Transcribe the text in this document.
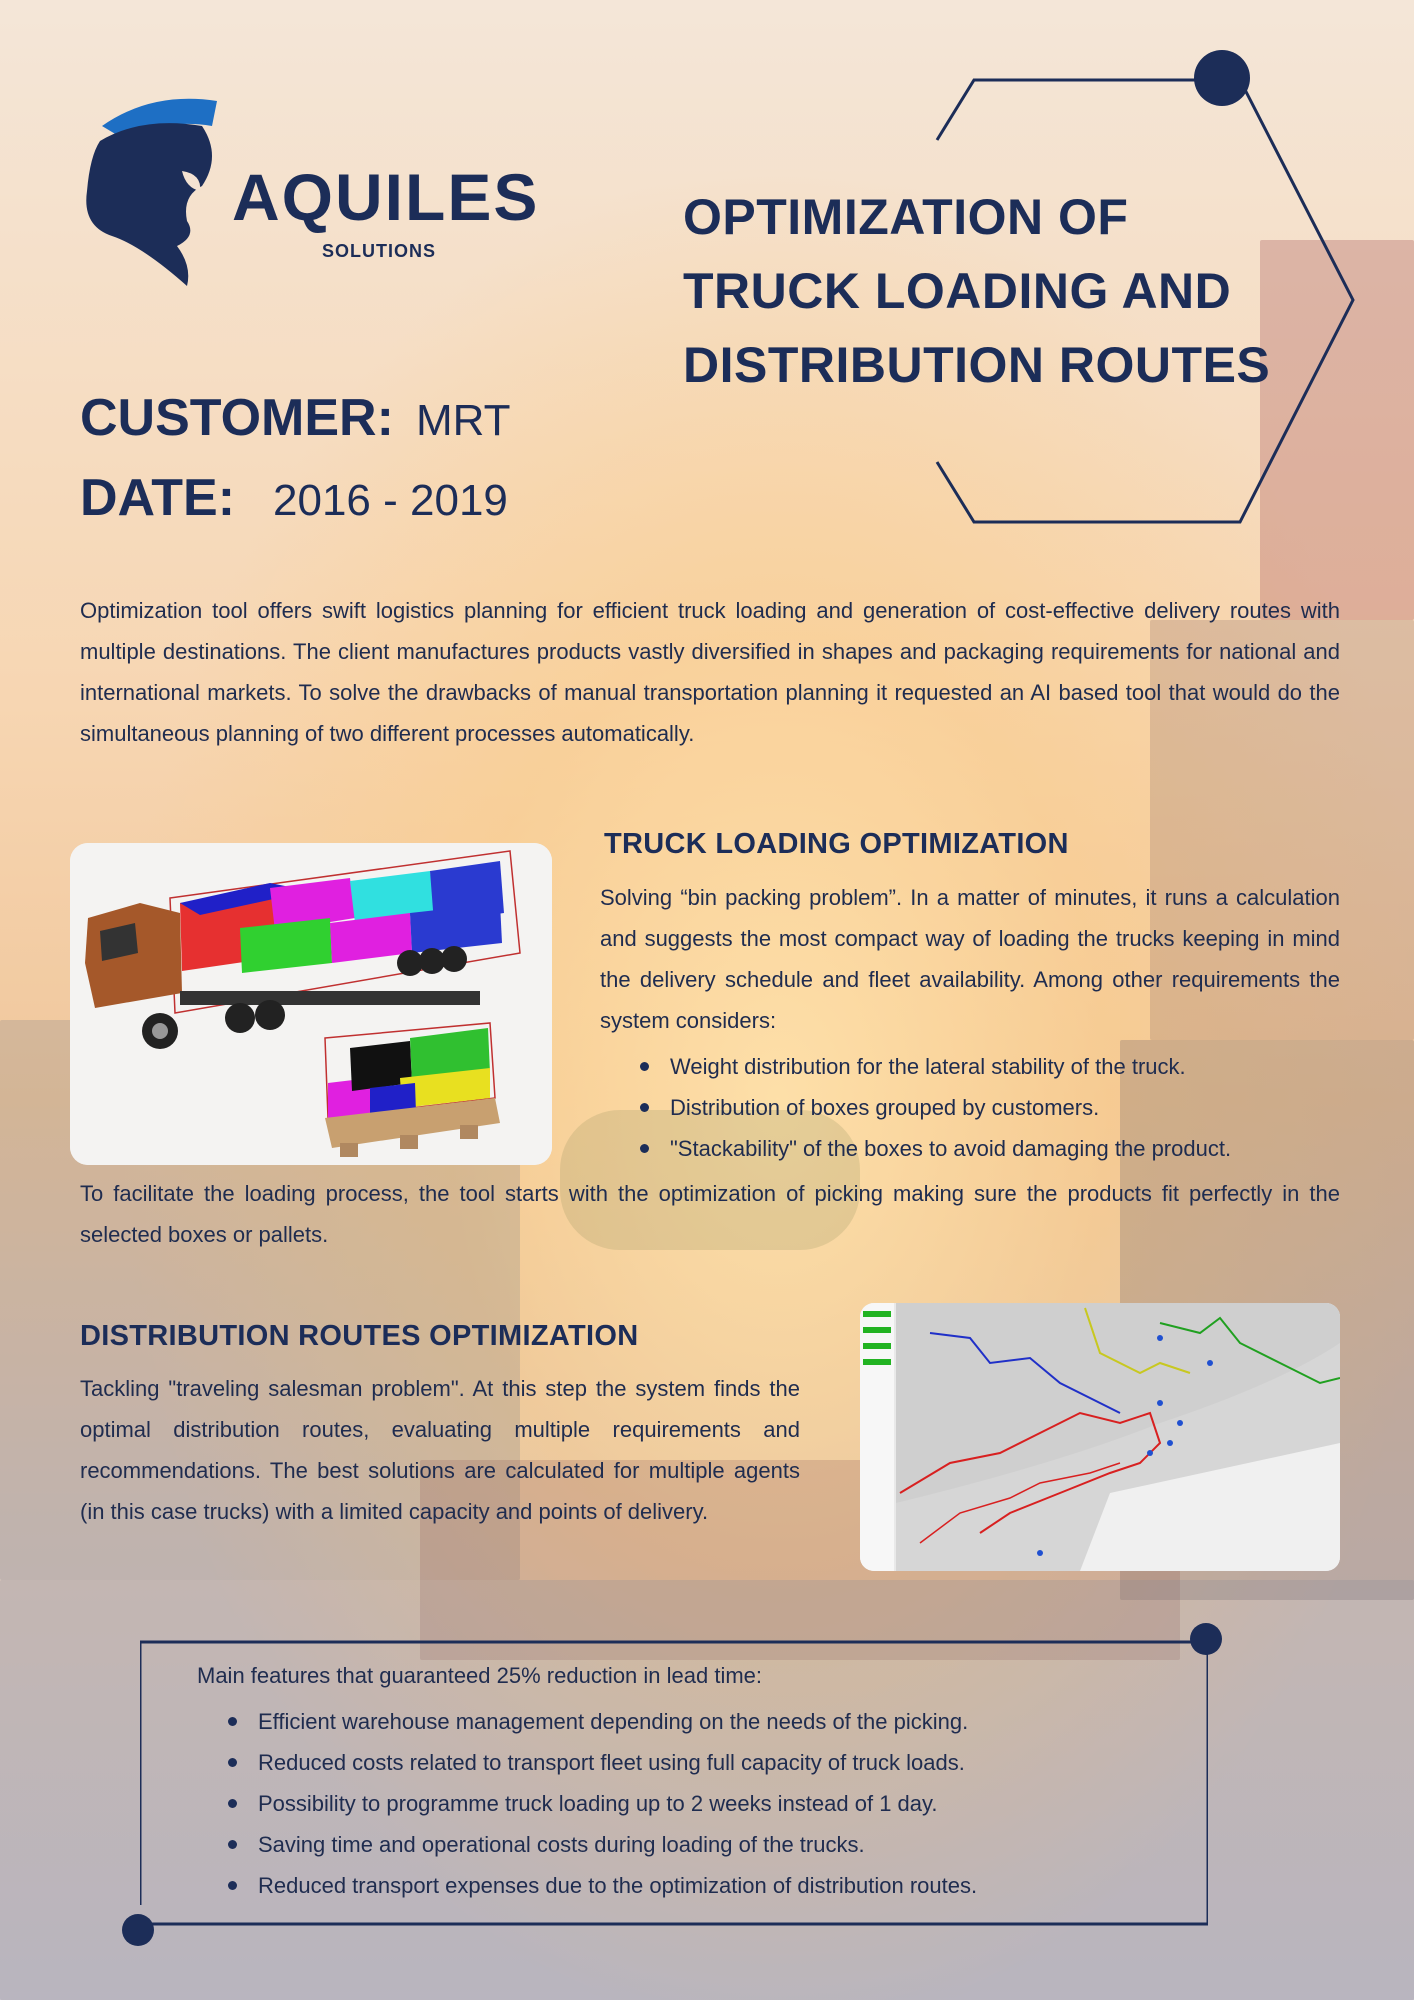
AQUILES
SOLUTIONS
OPTIMIZATION OF
TRUCK LOADING AND
DISTRIBUTION ROUTES
CUSTOMER: MRT
DATE: 2016 - 2019
Optimization tool offers swift logistics planning for efficient truck loading and generation of cost-effective delivery routes with multiple destinations. The client manufactures products vastly diversified in shapes and packaging requirements for national and international markets. To solve the drawbacks of manual transportation planning it requested an AI based tool that would do the simultaneous planning of two different processes automatically.
TRUCK LOADING OPTIMIZATION
Solving “bin packing problem”. In a matter of minutes, it runs a calculation and suggests the most compact way of loading the trucks keeping in mind the delivery schedule and fleet availability. Among other requirements the system considers:
Weight distribution for the lateral stability of the truck.
Distribution of boxes grouped by customers.
"Stackability" of the boxes to avoid damaging the product.
To facilitate the loading process, the tool starts with the optimization of picking making sure the products fit perfectly in the selected boxes or pallets.
DISTRIBUTION ROUTES OPTIMIZATION
Tackling "traveling salesman problem". At this step the system finds the optimal distribution routes, evaluating multiple requirements and recommendations. The best solutions are calculated for multiple agents (in this case trucks) with a limited capacity and points of delivery.
Main features that guaranteed 25% reduction in lead time:
Efficient warehouse management depending on the needs of the picking.
Reduced costs related to transport fleet using full capacity of truck loads.
Possibility to programme truck loading up to 2 weeks instead of 1 day.
Saving time and operational costs during loading of the trucks.
Reduced transport expenses due to the optimization of distribution routes.
